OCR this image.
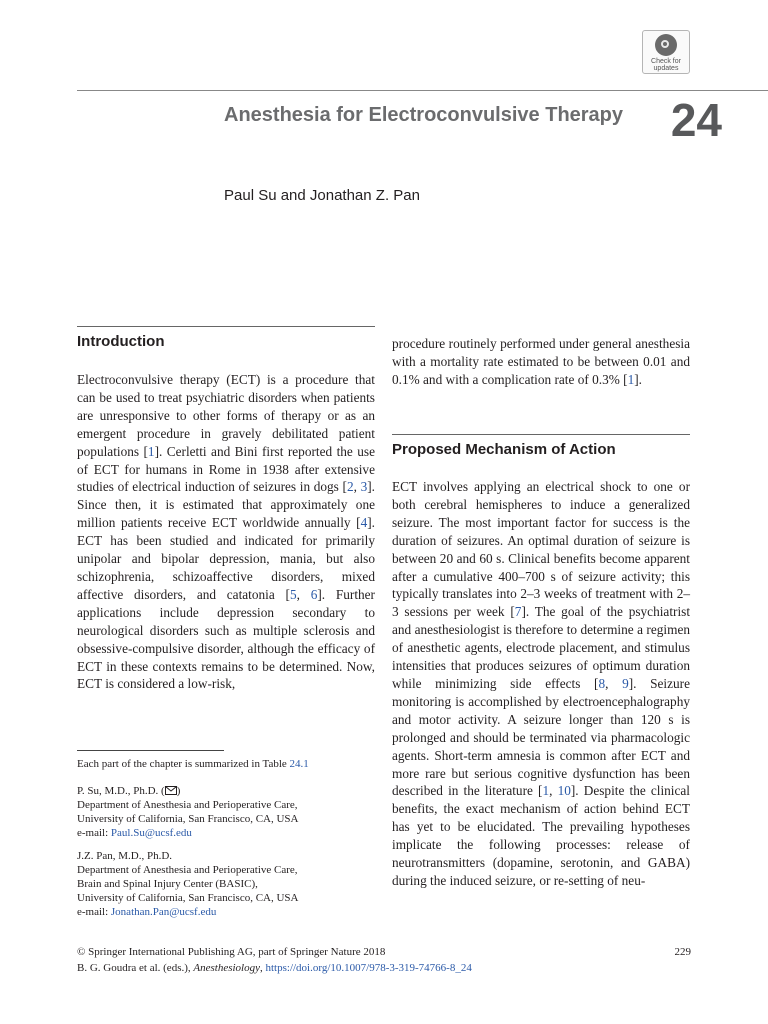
Check for
updates
Anesthesia for Electroconvulsive Therapy	24
Paul Su and Jonathan Z. Pan
Introduction

Electroconvulsive therapy (ECT) is a procedure that can be used to treat psychiatric disorders when patients are unresponsive to other forms of therapy or as an emergent procedure in gravely debilitated patient populations [1]. Cerletti and Bini first reported the use of ECT for humans in Rome in 1938 after extensive studies of electrical induction of seizures in dogs [2, 3]. Since then, it is estimated that approximately one million patients receive ECT worldwide annually [4]. ECT has been studied and indicated for primarily unipolar and bipolar depression, mania, but also schizophrenia, schizoaffective disorders, mixed affective disorders, and catatonia [5, 6]. Further applications include depression secondary to neurological disorders such as multiple sclerosis and obsessive-compulsive disorder, although the efficacy of ECT in these contexts remains to be determined. Now, ECT is considered a low-risk,

Each part of the chapter is summarized in Table 24.1

P. Su, M.D., Ph.D. ( )
Department of Anesthesia and Perioperative Care,
University of California, San Francisco, CA, USA
e-mail: Paul.Su@ucsf.edu

J.Z. Pan, M.D., Ph.D.
Department of Anesthesia and Perioperative Care,
Brain and Spinal Injury Center (BASIC),
University of California, San Francisco, CA, USA
e-mail: Jonathan.Pan@ucsf.edu

procedure routinely performed under general anesthesia with a mortality rate estimated to be between 0.01 and 0.1% and with a complication rate of 0.3% [1].

Proposed Mechanism of Action

ECT involves applying an electrical shock to one or both cerebral hemispheres to induce a generalized seizure. The most important factor for success is the duration of seizures. An optimal duration of seizure is between 20 and 60 s. Clinical benefits become apparent after a cumulative 400–700 s of seizure activity; this typically translates into 2–3 weeks of treatment with 2–3 sessions per week [7]. The goal of the psychiatrist and anesthesiologist is therefore to determine a regimen of anesthetic agents, electrode placement, and stimulus intensities that produces seizures of optimum duration while minimizing side effects [8, 9]. Seizure monitoring is accomplished by electroencephalography and motor activity. A seizure longer than 120 s is prolonged and should be terminated via pharmacologic agents. Short-term amnesia is common after ECT and more rare but serious cognitive dysfunction has been described in the literature [1, 10]. Despite the clinical benefits, the exact mechanism of action behind ECT has yet to be elucidated. The prevailing hypotheses implicate the following processes: release of neurotransmitters (dopamine, serotonin, and GABA) during the induced seizure, or re-setting of neu-

© Springer International Publishing AG, part of Springer Nature 2018
B. G. Goudra et al. (eds.), Anesthesiology, https://doi.org/10.1007/978-3-319-74766-8_24
229
